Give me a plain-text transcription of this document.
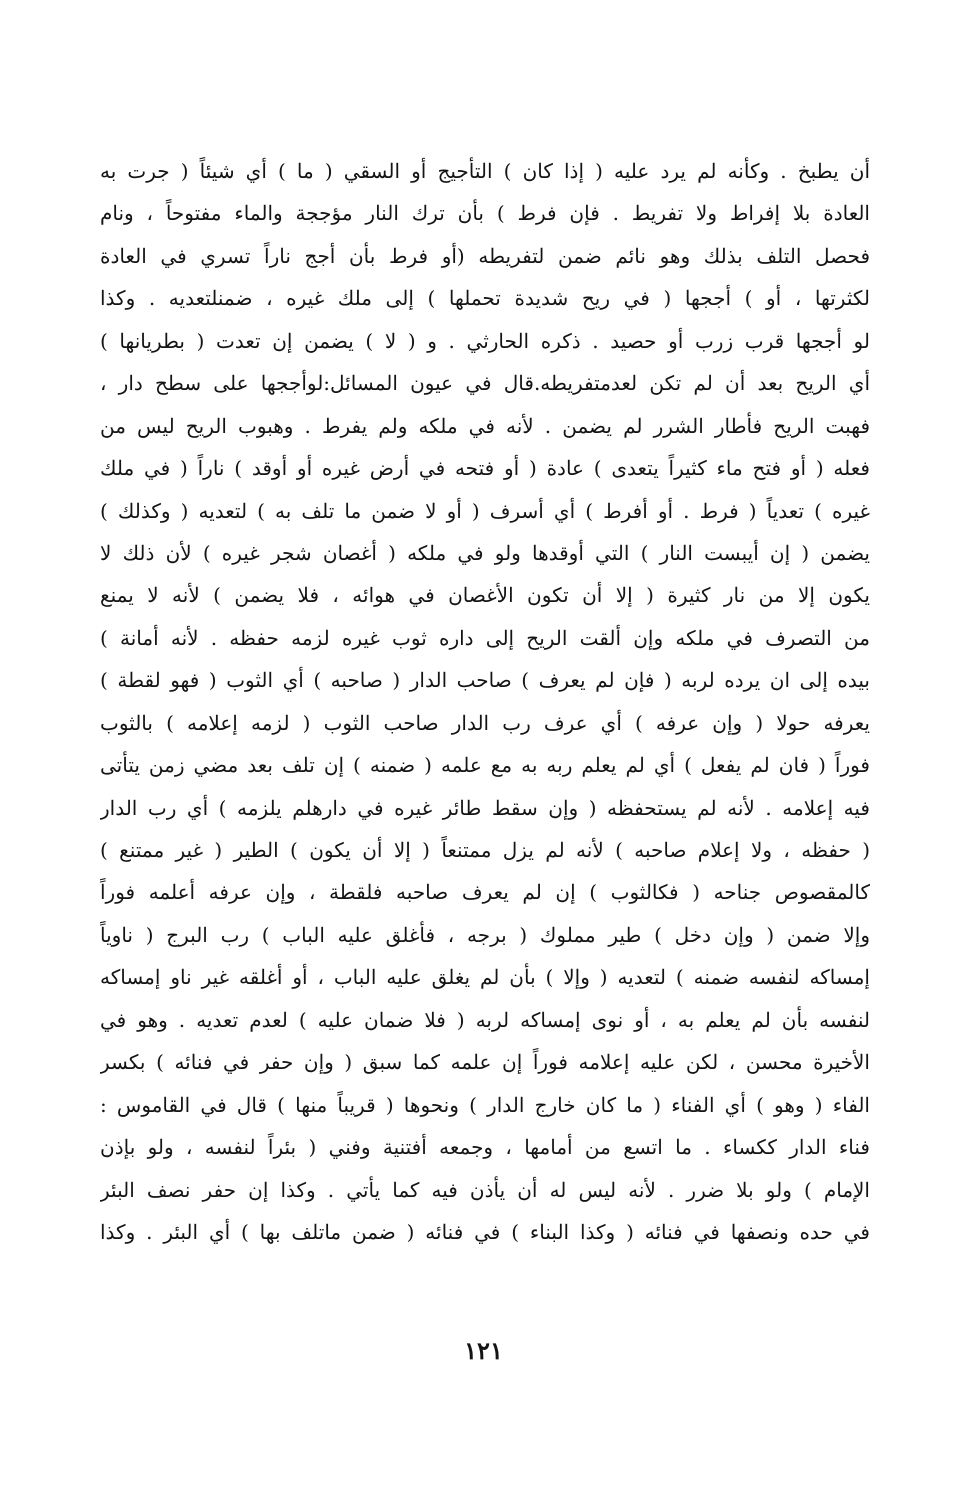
أن يطبخ . وكأنه لم يرد عليه ( إذا كان ) التأجيج أو السقي ( ما ) أي شيئاً ( جرت به
العادة بلا إفراط ولا تفريط . فإن فرط ) بأن ترك النار مؤججة والماء مفتوحاً ، ونام
فحصل التلف بذلك وهو نائم ضمن لتفريطه (أو فرط بأن أجج ناراً تسري في العادة
لكثرتها ، أو ) أججها ( في ريح شديدة تحملها ) إلى ملك غيره ، ضمنلتعديه . وكذا
لو أججها قرب زرب أو حصيد . ذكره الحارثي . و ( لا ) يضمن إن تعدت ( بطريانها )
أي الريح بعد أن لم تكن لعدمتفريطه.قال في عيون المسائل:لوأججها على سطح دار ،
فهبت الريح فأطار الشرر لم يضمن . لأنه في ملكه ولم يفرط . وهبوب الريح ليس من
فعله ( أو فتح ماء كثيراً يتعدى ) عادة ( أو فتحه في أرض غيره أو أوقد ) ناراً ( في ملك
غيره ) تعدياً ( فرط . أو أفرط ) أي أسرف ( أو لا ضمن ما تلف به ) لتعديه ( وكذلك )
يضمن ( إن أيبست النار ) التي أوقدها ولو في ملكه ( أغصان شجر غيره ) لأن ذلك لا
يكون إلا من نار كثيرة ( إلا أن تكون الأغصان في هوائه ، فلا يضمن ) لأنه لا يمنع
من التصرف في ملكه وإن ألقت الريح إلى داره ثوب غيره لزمه حفظه . لأنه أمانة )
بيده إلى ان يرده لربه ( فإن لم يعرف ) صاحب الدار ( صاحبه ) أي الثوب ( فهو لقطة )
يعرفه حولا ( وإن عرفه ) أي عرف رب الدار صاحب الثوب ( لزمه إعلامه ) بالثوب
فوراً ( فان لم يفعل ) أي لم يعلم ربه به مع علمه ( ضمنه ) إن تلف بعد مضي زمن يتأتى
فيه إعلامه . لأنه لم يستحفظه ( وإن سقط طائر غيره في دارهلم يلزمه ) أي رب الدار
( حفظه ، ولا إعلام صاحبه ) لأنه لم يزل ممتنعاً ( إلا أن يكون ) الطير ( غير ممتنع )
كالمقصوص جناحه ( فكالثوب ) إن لم يعرف صاحبه فلقطة ، وإن عرفه أعلمه فوراً
وإلا ضمن ( وإن دخل ) طير مملوك ( برجه ، فأغلق عليه الباب ) رب البرج ( ناوياً
إمساكه لنفسه ضمنه ) لتعديه ( وإلا ) بأن لم يغلق عليه الباب ، أو أغلقه غير ناو إمساكه
لنفسه بأن لم يعلم به ، أو نوى إمساكه لربه ( فلا ضمان عليه ) لعدم تعديه . وهو في
الأخيرة محسن ، لكن عليه إعلامه فوراً إن علمه كما سبق ( وإن حفر في فنائه ) بكسر
الفاء ( وهو ) أي الفناء ( ما كان خارج الدار ) ونحوها ( قريباً منها ) قال في القاموس :
فناء الدار ككساء . ما اتسع من أمامها ، وجمعه أفتنية وفني ( بئراً لنفسه ، ولو بإذن
الإمام ) ولو بلا ضرر . لأنه ليس له أن يأذن فيه كما يأتي . وكذا إن حفر نصف البئر
في حده ونصفها في فنائه ( وكذا البناء ) في فنائه ( ضمن ماتلف بها ) أي البئر . وكذا
١٢١
